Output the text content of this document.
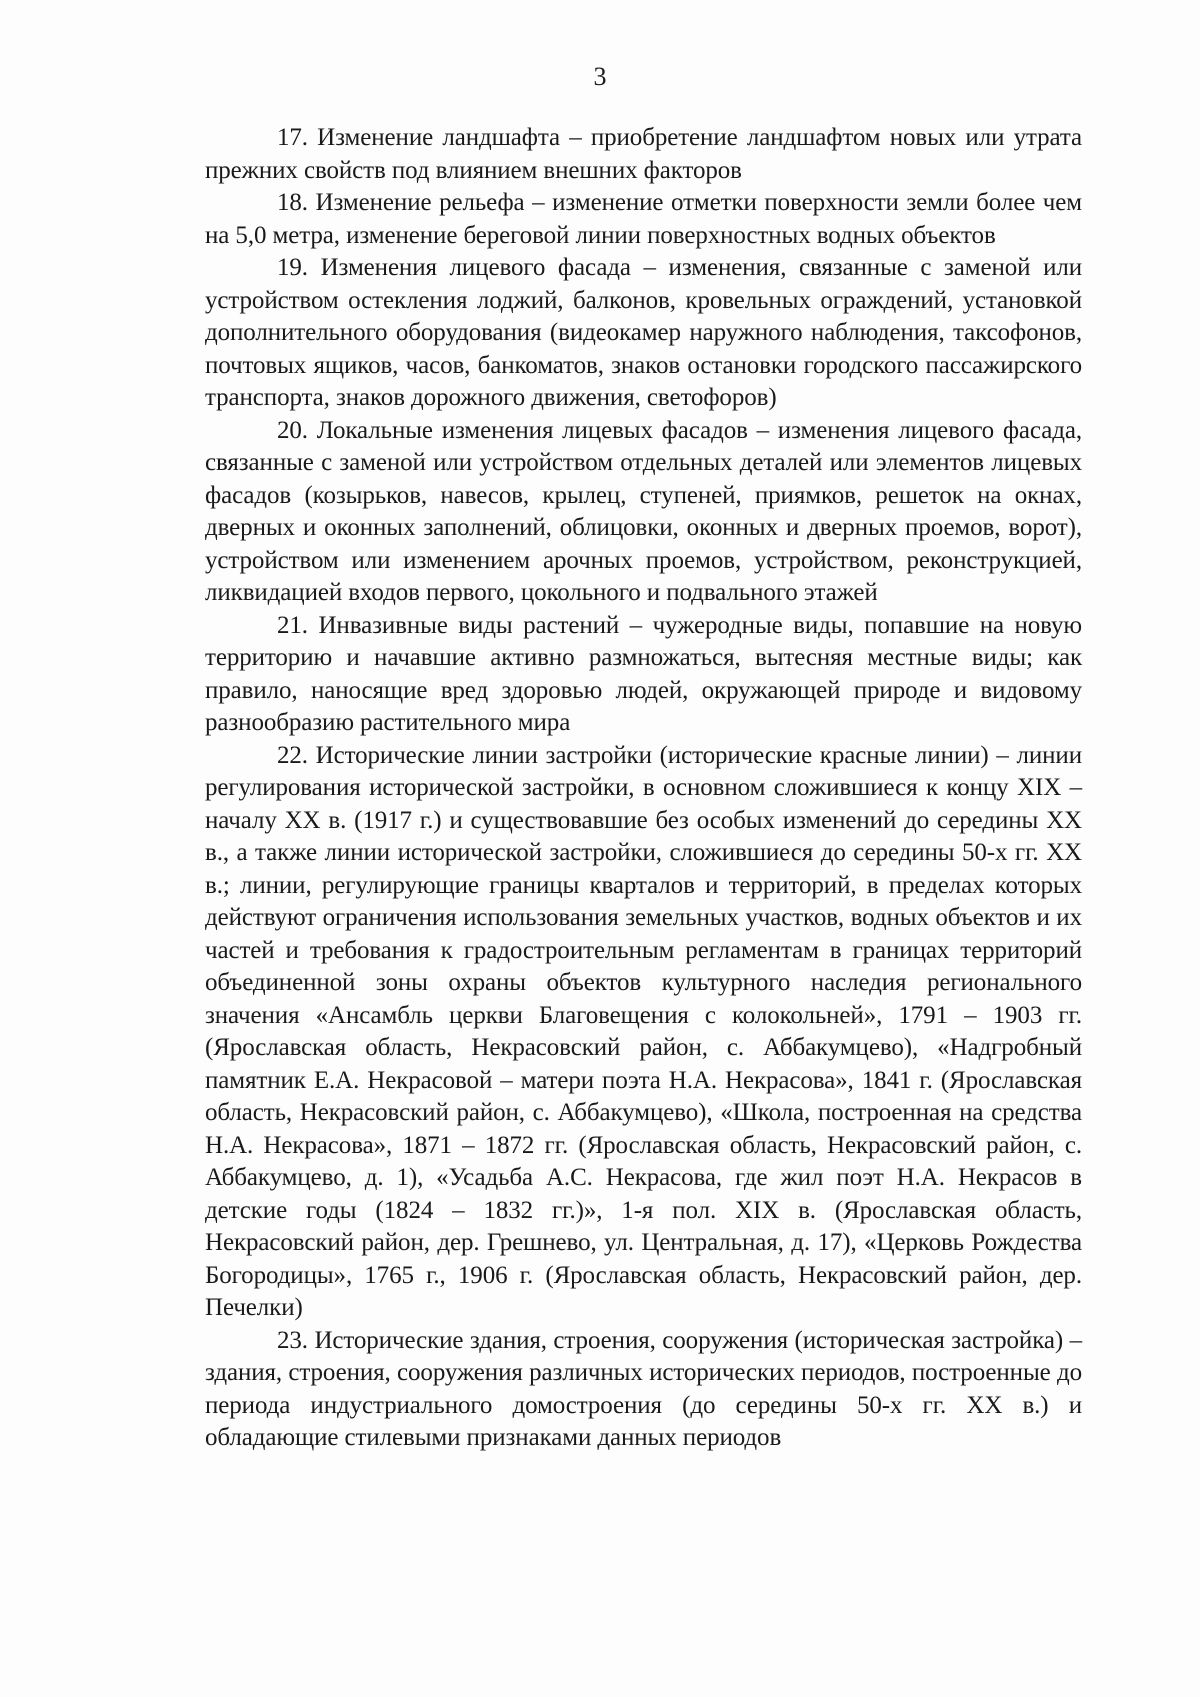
3

17. Изменение ландшафта – приобретение ландшафтом новых или утрата прежних свойств под влиянием внешних факторов

18. Изменение рельефа – изменение отметки поверхности земли более чем на 5,0 метра, изменение береговой линии поверхностных водных объектов

19. Изменения лицевого фасада – изменения, связанные с заменой или устройством остекления лоджий, балконов, кровельных ограждений, установкой дополнительного оборудования (видеокамер наружного наблюдения, таксофонов, почтовых ящиков, часов, банкоматов, знаков остановки городского пассажирского транспорта, знаков дорожного движения, светофоров)

20. Локальные изменения лицевых фасадов – изменения лицевого фасада, связанные с заменой или устройством отдельных деталей или элементов лицевых фасадов (козырьков, навесов, крылец, ступеней, приямков, решеток на окнах, дверных и оконных заполнений, облицовки, оконных и дверных проемов, ворот), устройством или изменением арочных проемов, устройством, реконструкцией, ликвидацией входов первого, цокольного и подвального этажей

21. Инвазивные виды растений – чужеродные виды, попавшие на новую территорию и начавшие активно размножаться, вытесняя местные виды; как правило, наносящие вред здоровью людей, окружающей природе и видовому разнообразию растительного мира

22. Исторические линии застройки (исторические красные линии) – линии регулирования исторической застройки, в основном сложившиеся к концу XIX – началу XX в. (1917 г.) и существовавшие без особых изменений до середины XX в., а также линии исторической застройки, сложившиеся до середины 50-х гг. XX в.; линии, регулирующие границы кварталов и территорий, в пределах которых действуют ограничения использования земельных участков, водных объектов и их частей и требования к градостроительным регламентам в границах территорий объединенной зоны охраны объектов культурного наследия регионального значения «Ансамбль церкви Благовещения с колокольней», 1791 – 1903 гг. (Ярославская область, Некрасовский район, с. Аббакумцево), «Надгробный памятник Е.А. Некрасовой – матери поэта Н.А. Некрасова», 1841 г. (Ярославская область, Некрасовский район, с. Аббакумцево), «Школа, построенная на средства Н.А. Некрасова», 1871 – 1872 гг. (Ярославская область, Некрасовский район, с. Аббакумцево, д. 1), «Усадьба А.С. Некрасова, где жил поэт Н.А. Некрасов в детские годы (1824 – 1832 гг.)», 1-я пол. XIX в. (Ярославская область, Некрасовский район, дер. Грешнево, ул. Центральная, д. 17), «Церковь Рождества Богородицы», 1765 г., 1906 г. (Ярославская область, Некрасовский район, дер. Печелки)

23. Исторические здания, строения, сооружения (историческая застройка) – здания, строения, сооружения различных исторических периодов, построенные до периода индустриального домостроения (до середины 50-х гг. XX в.) и обладающие стилевыми признаками данных периодов
